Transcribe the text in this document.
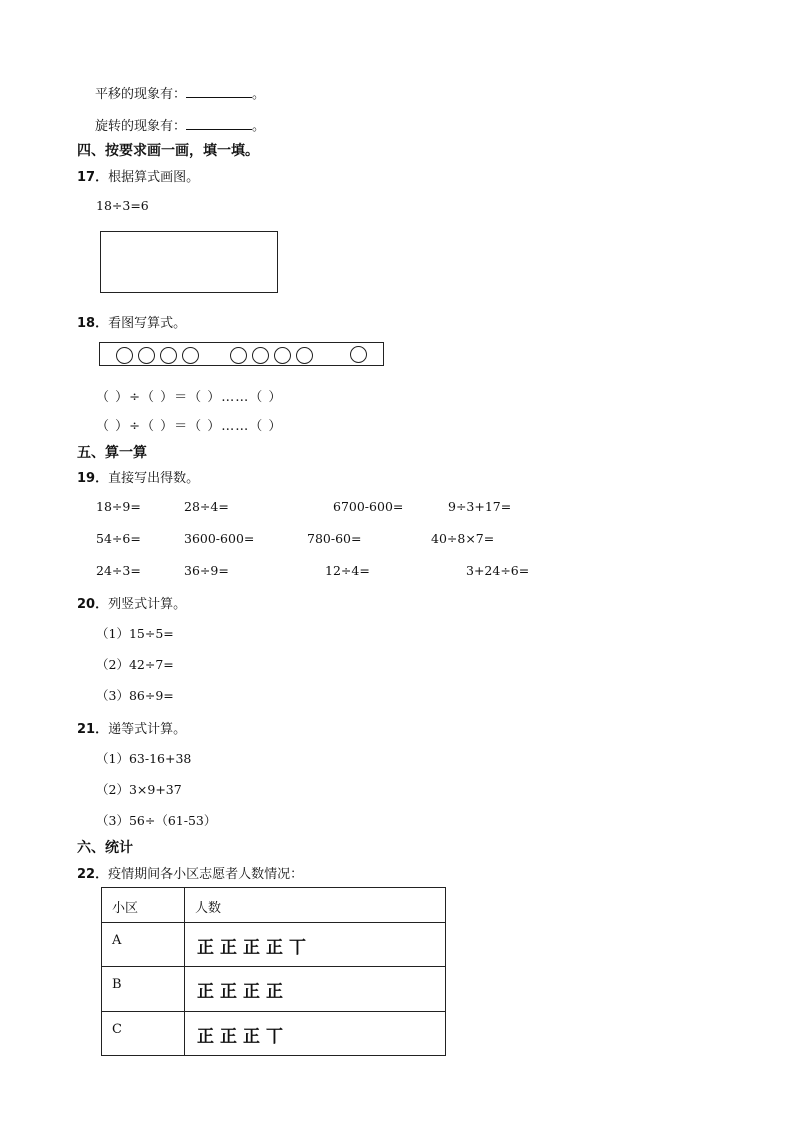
平移的现象有：	。
旋转的现象有：	。
四、按要求画一画，填一填。
17．根据算式画图。
18÷3=6
18．看图写算式。
（ ）÷（ ）＝（ ）……（ ）
（ ）÷（ ）＝（ ）……（ ）
五、算一算
19．直接写出得数。
18÷9=	28÷4=	6700-600=	9÷3+17=
54÷6=	3600-600=	780-60=	40÷8×7=
24÷3=	36÷9=	12÷4=	3+24÷6=
20．列竖式计算。
（1）15÷5=
（2）42÷7=
（3）86÷9=
21．递等式计算。
（1）63-16+38
（2）3×9+37
（3）56÷（61-53）
六、统计
22．疫情期间各小区志愿者人数情况：
小区	人数

A	正正正正丅

B	正正正正

C	正正正丅
